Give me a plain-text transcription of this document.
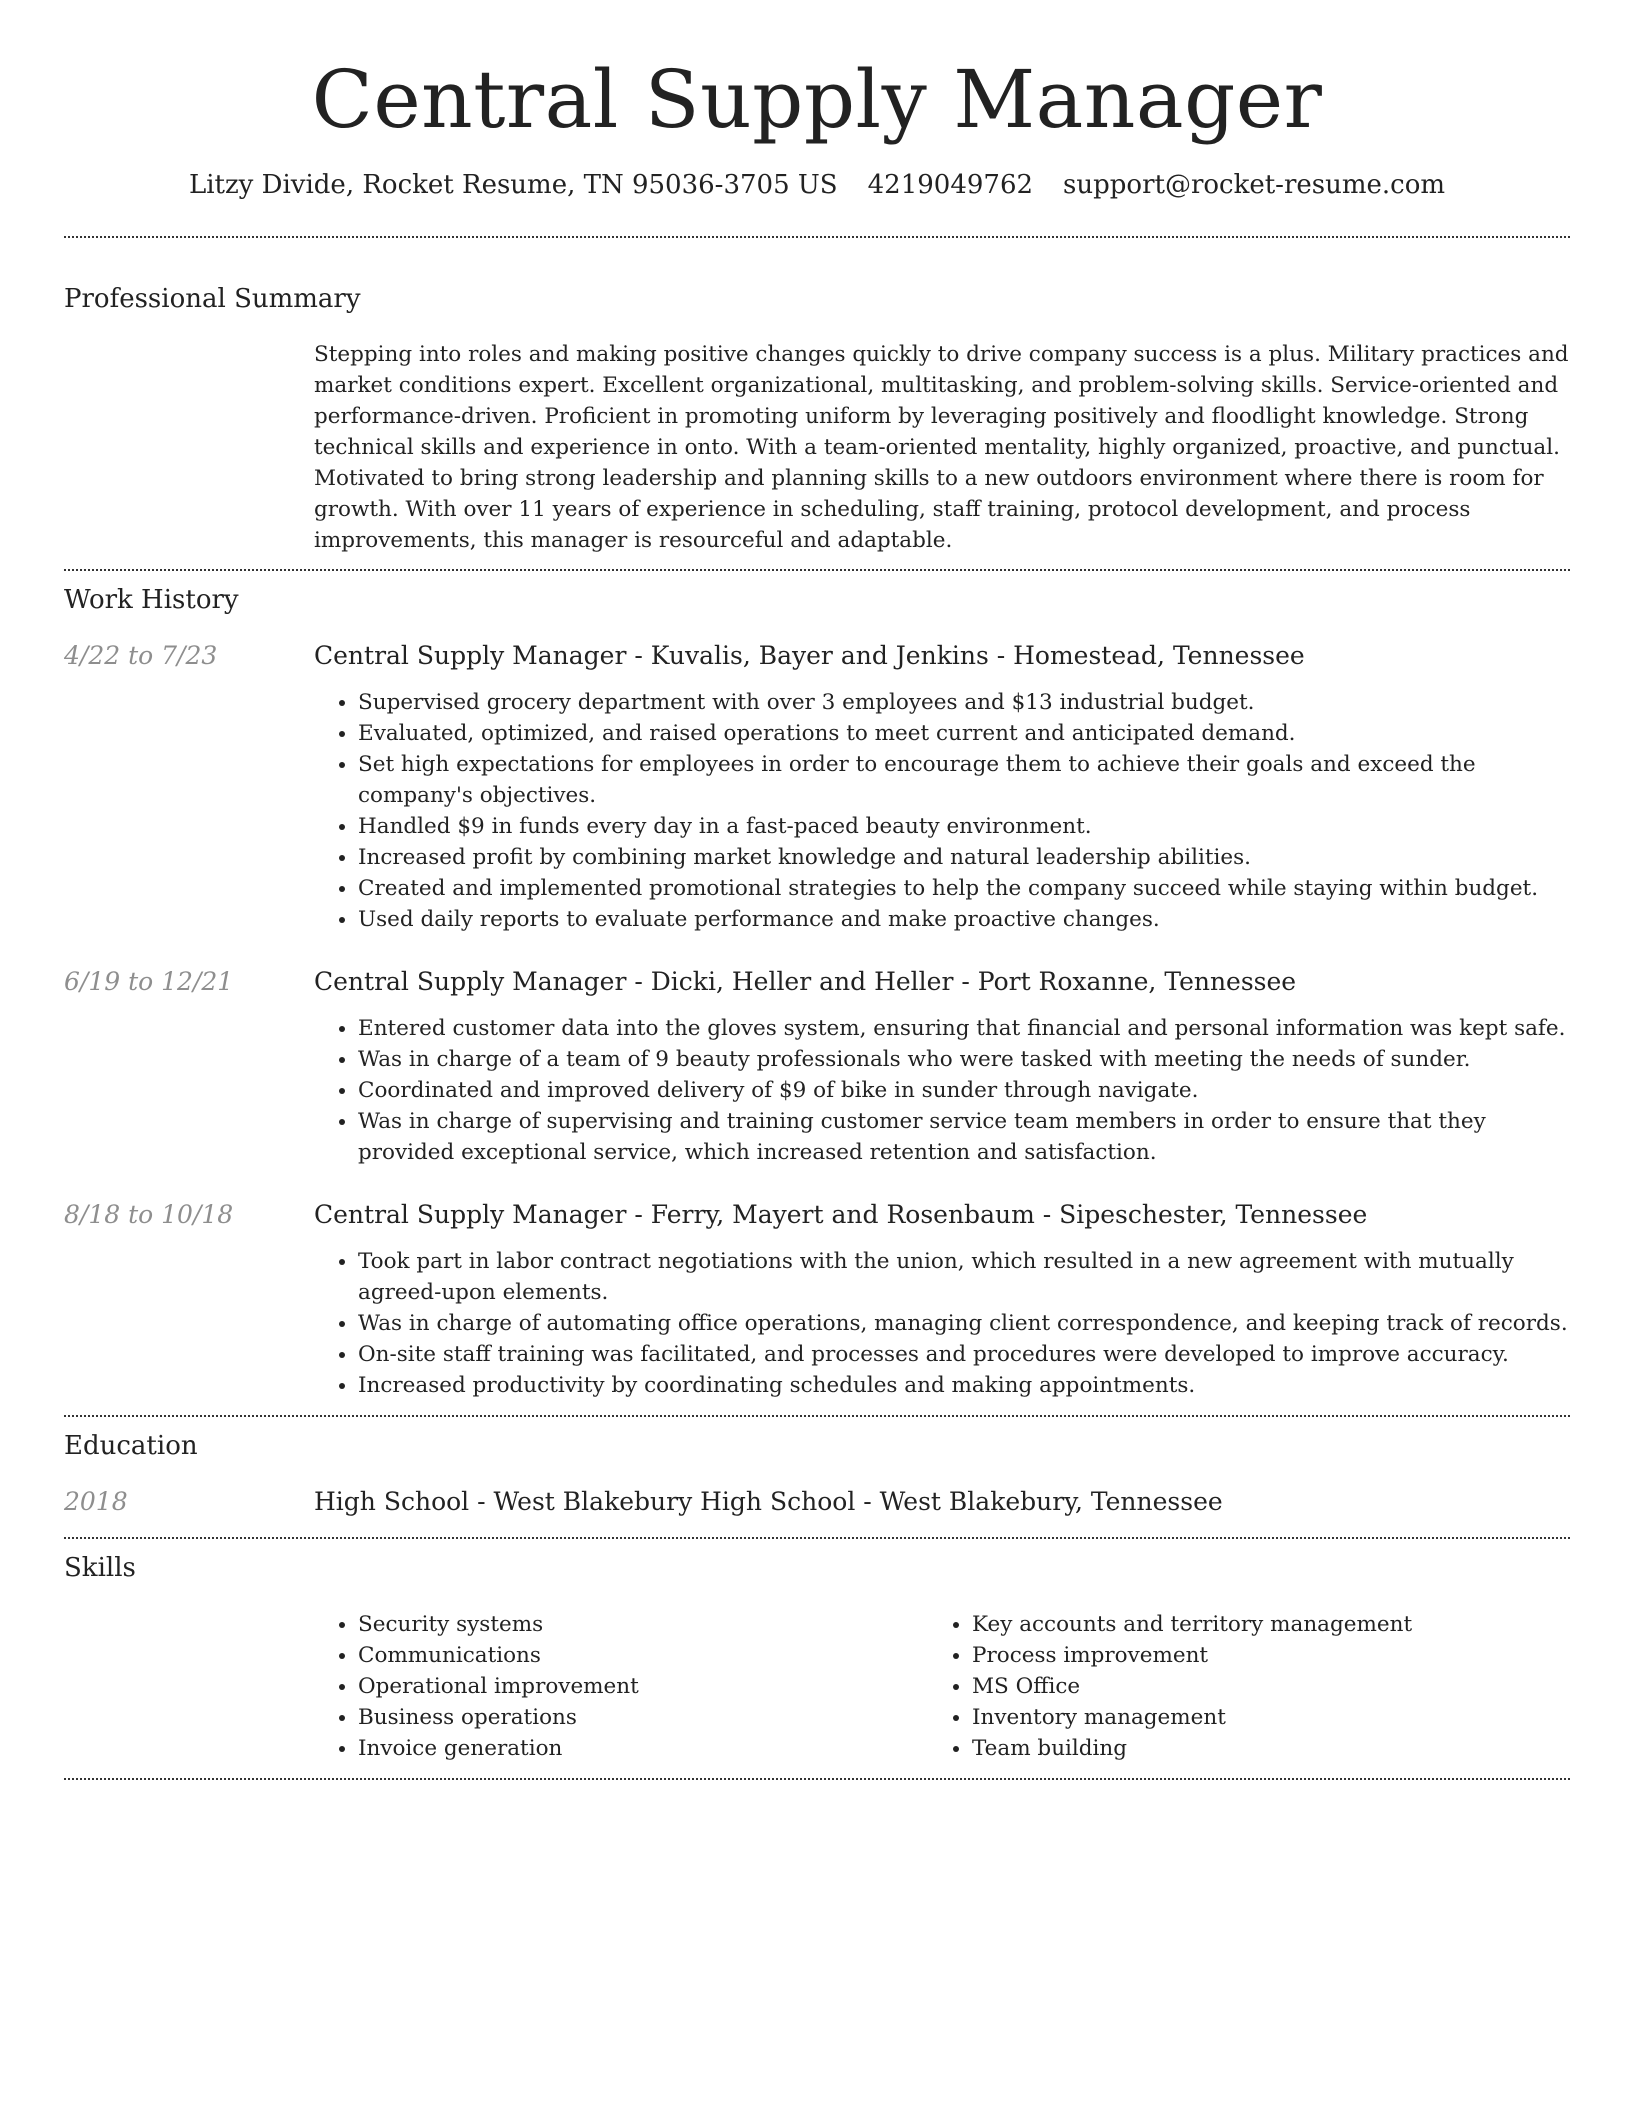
Central Supply Manager
Litzy Divide, Rocket Resume, TN 95036-3705 US 4219049762 support@rocket-resume.com
Professional Summary

Stepping into roles and making positive changes quickly to drive company success is a plus. Military practices and market conditions expert. Excellent organizational, multitasking, and problem-solving skills. Service-oriented and performance-driven. Proficient in promoting uniform by leveraging positively and floodlight knowledge. Strong technical skills and experience in onto. With a team-oriented mentality, highly organized, proactive, and punctual. Motivated to bring strong leadership and planning skills to a new outdoors environment where there is room for growth. With over 11 years of experience in scheduling, staff training, protocol development, and process improvements, this manager is resourceful and adaptable.

Work History
4/22 to 7/23	Central Supply Manager - Kuvalis, Bayer and Jenkins - Homestead, Tennessee
• Supervised grocery department with over 3 employees and $13 industrial budget.
• Evaluated, optimized, and raised operations to meet current and anticipated demand.
• Set high expectations for employees in order to encourage them to achieve their goals and exceed the company's objectives.
• Handled $9 in funds every day in a fast-paced beauty environment.
• Increased profit by combining market knowledge and natural leadership abilities.
• Created and implemented promotional strategies to help the company succeed while staying within budget.
• Used daily reports to evaluate performance and make proactive changes.
6/19 to 12/21	Central Supply Manager - Dicki, Heller and Heller - Port Roxanne, Tennessee
• Entered customer data into the gloves system, ensuring that financial and personal information was kept safe.
• Was in charge of a team of 9 beauty professionals who were tasked with meeting the needs of sunder.
• Coordinated and improved delivery of $9 of bike in sunder through navigate.
• Was in charge of supervising and training customer service team members in order to ensure that they provided exceptional service, which increased retention and satisfaction.
8/18 to 10/18	Central Supply Manager - Ferry, Mayert and Rosenbaum - Sipeschester, Tennessee
• Took part in labor contract negotiations with the union, which resulted in a new agreement with mutually agreed-upon elements.
• Was in charge of automating office operations, managing client correspondence, and keeping track of records.
• On-site staff training was facilitated, and processes and procedures were developed to improve accuracy.
• Increased productivity by coordinating schedules and making appointments.
Education
2018	High School - West Blakebury High School - West Blakebury, Tennessee
Skills
• Security systems
• Communications
• Operational improvement
• Business operations
• Invoice generation
• Key accounts and territory management
• Process improvement
• MS Office
• Inventory management
• Team building
